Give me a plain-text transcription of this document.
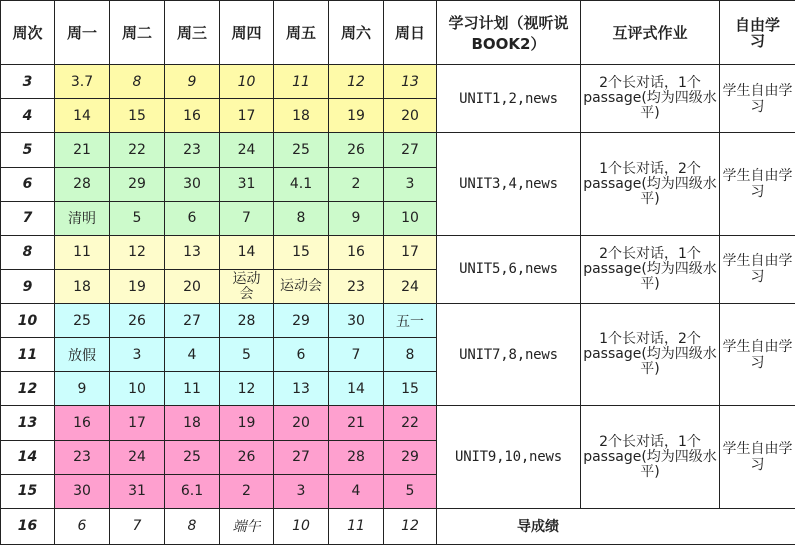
周次	周一	周二	周三	周四	周五	周六	周日	学习计划（视听说BOOK2）	互评式作业	自由学习
3	3.7	8	9	10	11	12	13	UNIT1,2,news	2个长对话，1个passage(均为四级水平)	学生自由学习
4	14	15	16	17	18	19	20			
5	21	22	23	24	25	26	27	UNIT3,4,news	1个长对话，2个passage(均为四级水平)	学生自由学习
6	28	29	30	31	4.1	2	3			
7	清明	5	6	7	8	9	10			
8	11	12	13	14	15	16	17	UNIT5,6,news	2个长对话，1个passage(均为四级水平)	学生自由学习
9	18	19	20	运动会	运动会	23	24			
10	25	26	27	28	29	30	五一	UNIT7,8,news	1个长对话，2个passage(均为四级水平)	学生自由学习
11	放假	3	4	5	6	7	8			
12	9	10	11	12	13	14	15			
13	16	17	18	19	20	21	22	UNIT9,10,news	2个长对话，1个passage(均为四级水平)	学生自由学习
14	23	24	25	26	27	28	29			
15	30	31	6.1	2	3	4	5			
16	6	7	8	端午	10	11	12	导成绩		
